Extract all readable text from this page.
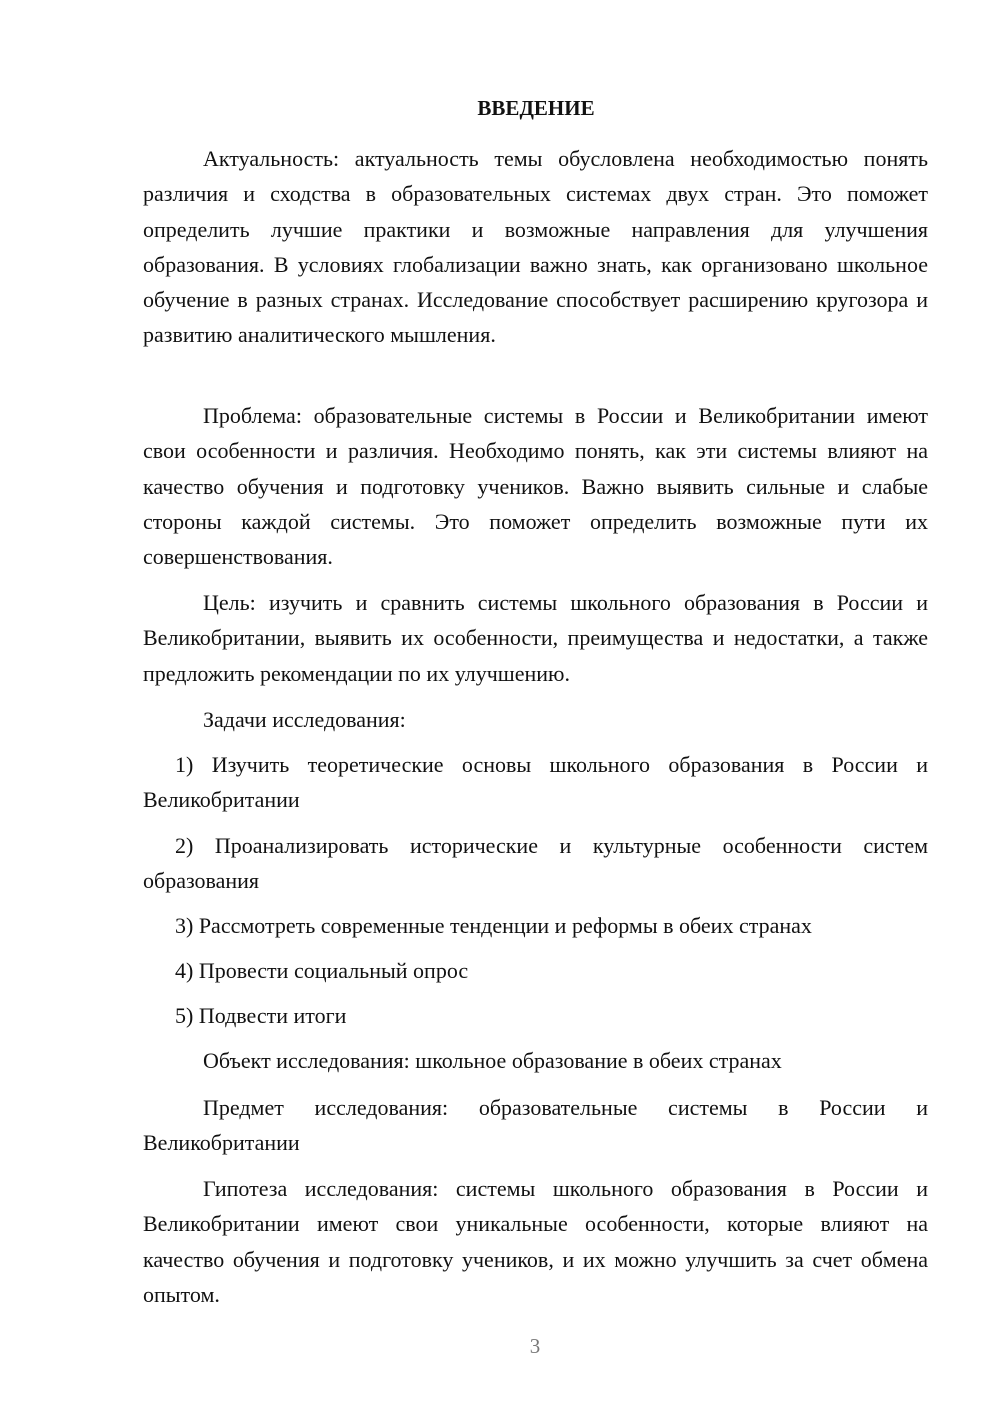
ВВЕДЕНИЕ

Актуальность: актуальность темы обусловлена необходимостью понять различия и сходства в образовательных системах двух стран. Это поможет определить лучшие практики и возможные направления для улучшения образования. В условиях глобализации важно знать, как организовано школьное обучение в разных странах. Исследование способствует расширению кругозора и развитию аналитического мышления.

Проблема: образовательные системы в России и Великобритании имеют свои особенности и различия. Необходимо понять, как эти системы влияют на качество обучения и подготовку учеников. Важно выявить сильные и слабые стороны каждой системы. Это поможет определить возможные пути их совершенствования.

Цель: изучить и сравнить системы школьного образования в России и Великобритании, выявить их особенности, преимущества и недостатки, а также предложить рекомендации по их улучшению.

Задачи исследования:

1) Изучить теоретические основы школьного образования в России и Великобритании

2) Проанализировать исторические и культурные особенности систем образования

3) Рассмотреть современные тенденции и реформы в обеих странах

4) Провести социальный опрос

5) Подвести итоги

Объект исследования: школьное образование в обеих странах

Предмет исследования: образовательные системы в России и Великобритании

Гипотеза исследования: системы школьного образования в России и Великобритании имеют свои уникальные особенности, которые влияют на качество обучения и подготовку учеников, и их можно улучшить за счет обмена опытом.

3
